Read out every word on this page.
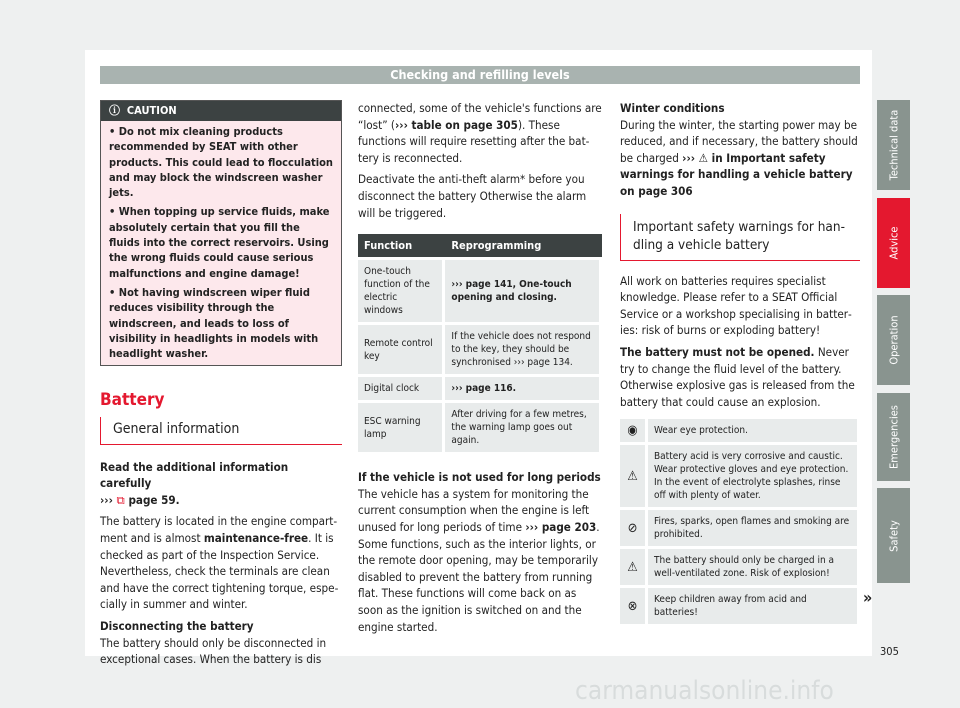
Checking and refilling levels
ⓘ CAUTION

• Do not mix cleaning products recommended by SEAT with other products. This could lead to flocculation and may block the windscreen washer jets.

• When topping up service fluids, make absolutely certain that you fill the fluids into the correct reservoirs. Using the wrong fluids could cause serious malfunctions and engine damage!

• Not having windscreen wiper fluid reduces visibility through the windscreen, and leads to loss of visibility in headlights in models with headlight washer.

Battery
General information

Read the additional information carefully
››› ⧉ page 59.

The battery is located in the engine compartment and is almost maintenance-free. It is checked as part of the Inspection Service. Nevertheless, check the terminals are clean and have the correct tightening torque, especially in summer and winter.

Disconnecting the battery

The battery should only be disconnected in exceptional cases. When the battery is dis

connected, some of the vehicle's functions are “lost” (››› table on page 305). These functions will require resetting after the battery is reconnected.

Deactivate the anti-theft alarm* before you disconnect the battery Otherwise the alarm will be triggered.

Function	Reprogramming
One-touch function of the electric windows	››› page 141, One-touch opening and closing.
Remote control key	If the vehicle does not respond to the key, they should be synchronised ››› page 134.
Digital clock	››› page 116.
ESC warning lamp	After driving for a few metres, the warning lamp goes out again.

If the vehicle is not used for long periods

The vehicle has a system for monitoring the current consumption when the engine is left unused for long periods of time ››› page 203. Some functions, such as the interior lights, or the remote door opening, may be temporarily disabled to prevent the battery from running flat. These functions will come back on as soon as the ignition is switched on and the engine started.

Winter conditions

During the winter, the starting power may be reduced, and if necessary, the battery should be charged ››› ⚠ in Important safety warnings for handling a vehicle battery on page 306

Important safety warnings for handling a vehicle battery

All work on batteries requires specialist knowledge. Please refer to a SEAT Official Service or a workshop specialising in batteries: risk of burns or exploding battery!

The battery must not be opened. Never try to change the fluid level of the battery. Otherwise explosive gas is released from the battery that could cause an explosion.

◉	Wear eye protection.
⚠	Battery acid is very corrosive and caustic. Wear protective gloves and eye protection. In the event of electrolyte splashes, rinse off with plenty of water.
⊘	Fires, sparks, open flames and smoking are prohibited.
⚠	The battery should only be charged in a well-ventilated zone. Risk of explosion!
⊗	Keep children away from acid and batteries!
»
Technical data
Advice
Operation
Emergencies
Safety
305
carmanualsonline.info
